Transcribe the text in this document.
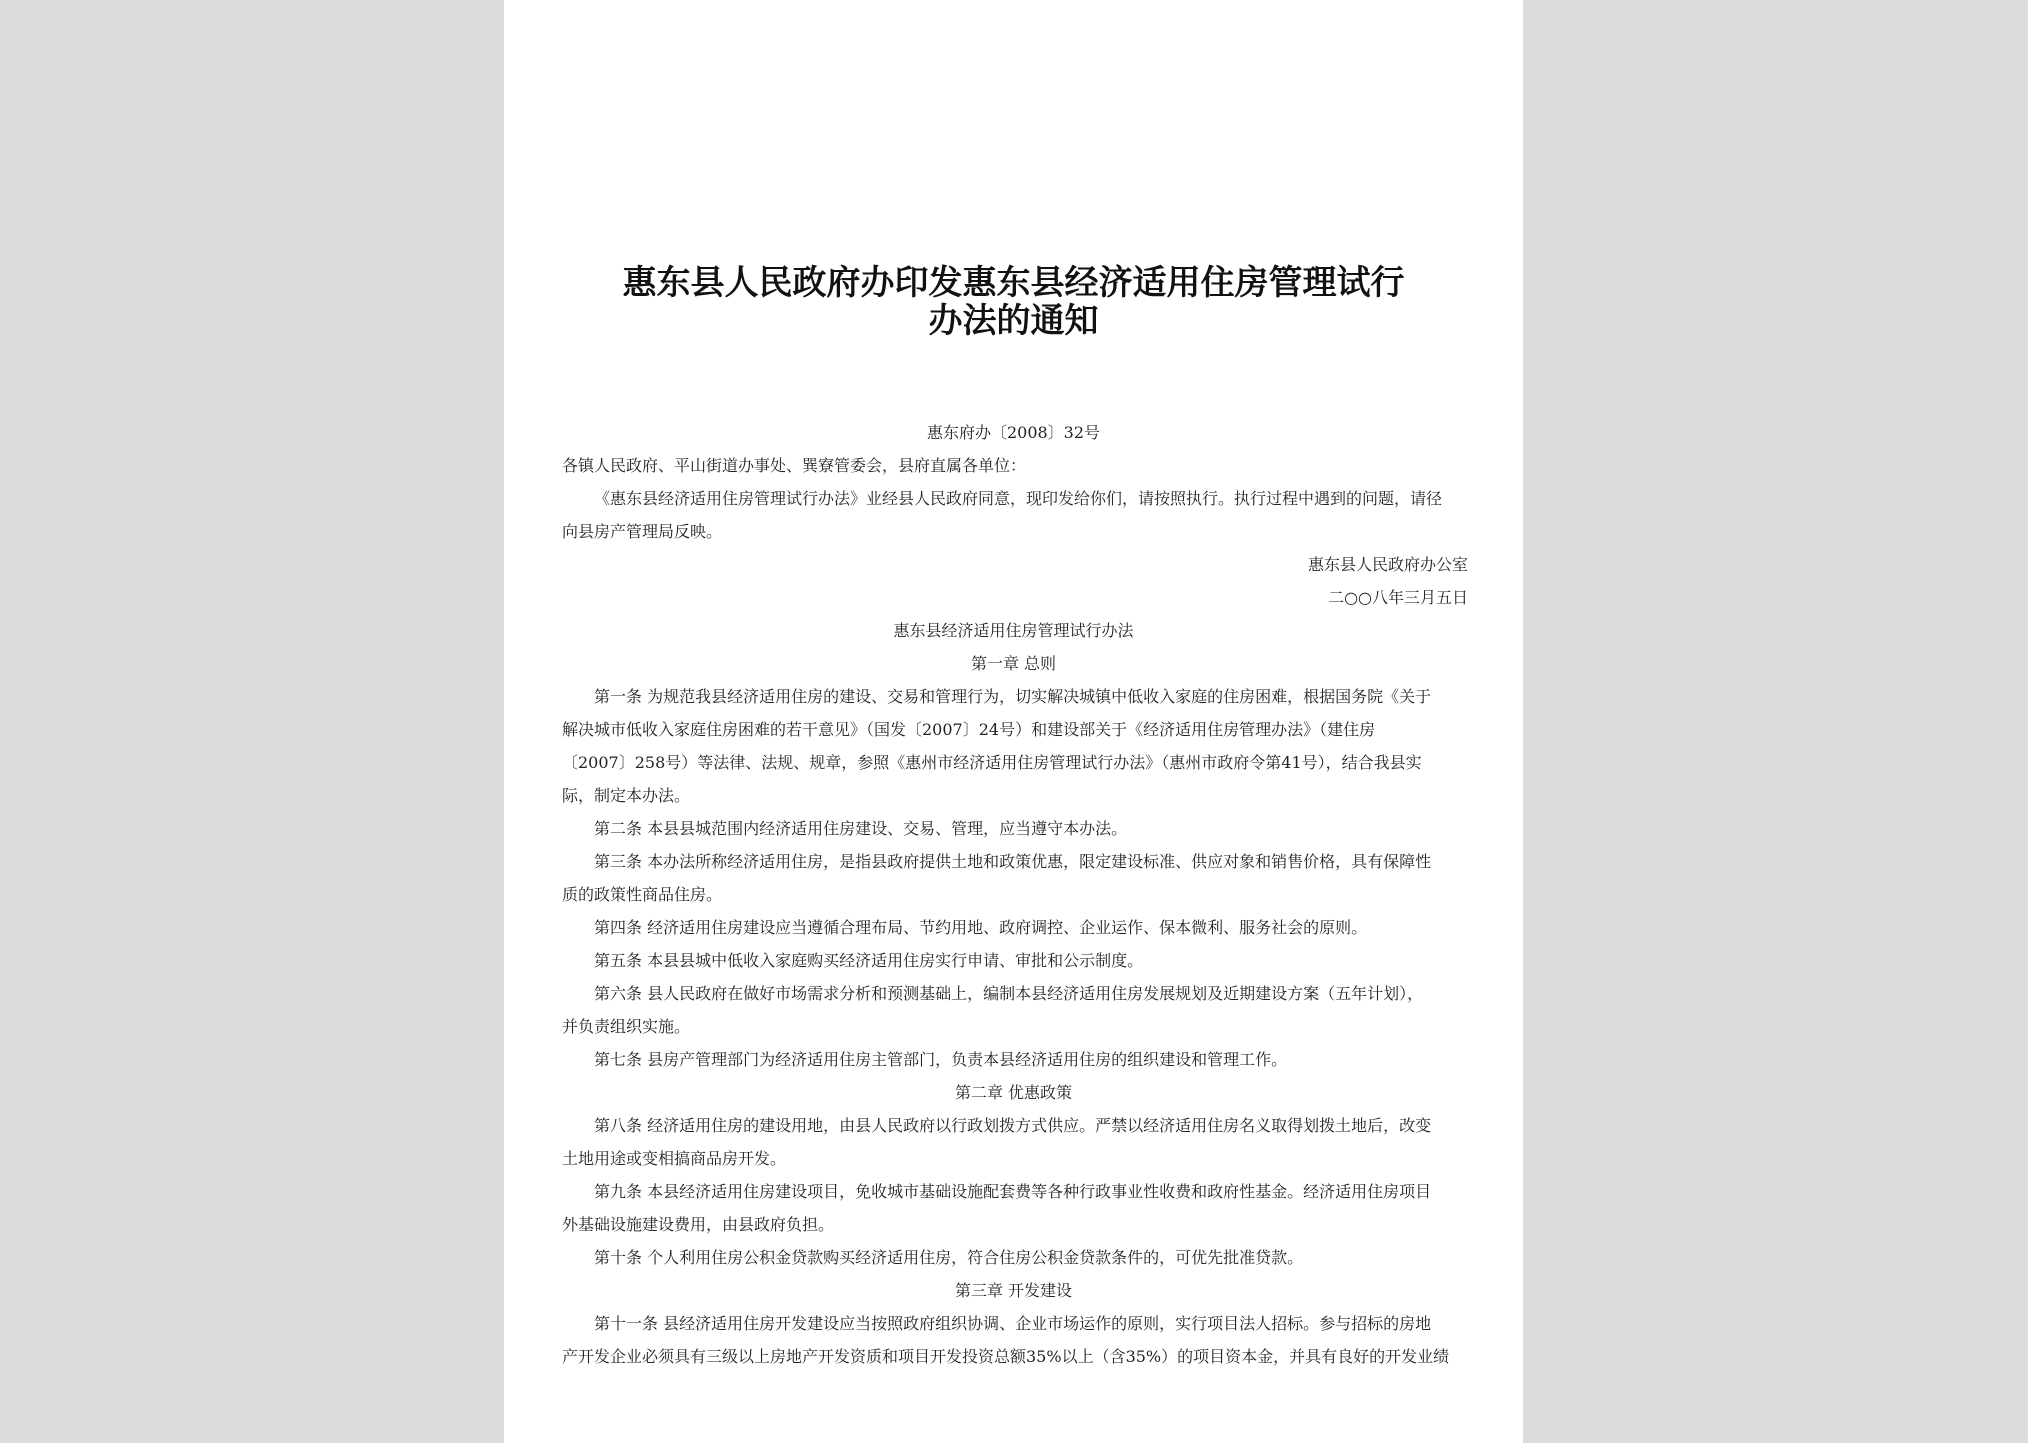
惠东县人民政府办印发惠东县经济适用住房管理试行
办法的通知
惠东府办〔2008〕32号
各镇人民政府、平山街道办事处、巽寮管委会，县府直属各单位：
《惠东县经济适用住房管理试行办法》业经县人民政府同意，现印发给你们，请按照执行。执行过程中遇到的问题，请径
向县房产管理局反映。
惠东县人民政府办公室
二○○八年三月五日
惠东县经济适用住房管理试行办法
第一章 总则
第一条 为规范我县经济适用住房的建设、交易和管理行为，切实解决城镇中低收入家庭的住房困难，根据国务院《关于
解决城市低收入家庭住房困难的若干意见》（国发〔2007〕24号）和建设部关于《经济适用住房管理办法》（建住房
〔2007〕258号）等法律、法规、规章，参照《惠州市经济适用住房管理试行办法》（惠州市政府令第41号），结合我县实
际，制定本办法。
第二条 本县县城范围内经济适用住房建设、交易、管理，应当遵守本办法。
第三条 本办法所称经济适用住房，是指县政府提供土地和政策优惠，限定建设标准、供应对象和销售价格，具有保障性
质的政策性商品住房。
第四条 经济适用住房建设应当遵循合理布局、节约用地、政府调控、企业运作、保本微利、服务社会的原则。
第五条 本县县城中低收入家庭购买经济适用住房实行申请、审批和公示制度。
第六条 县人民政府在做好市场需求分析和预测基础上，编制本县经济适用住房发展规划及近期建设方案（五年计划），
并负责组织实施。
第七条 县房产管理部门为经济适用住房主管部门，负责本县经济适用住房的组织建设和管理工作。
第二章 优惠政策
第八条 经济适用住房的建设用地，由县人民政府以行政划拨方式供应。严禁以经济适用住房名义取得划拨土地后，改变
土地用途或变相搞商品房开发。
第九条 本县经济适用住房建设项目，免收城市基础设施配套费等各种行政事业性收费和政府性基金。经济适用住房项目
外基础设施建设费用，由县政府负担。
第十条 个人利用住房公积金贷款购买经济适用住房，符合住房公积金贷款条件的，可优先批准贷款。
第三章 开发建设
第十一条 县经济适用住房开发建设应当按照政府组织协调、企业市场运作的原则，实行项目法人招标。参与招标的房地
产开发企业必须具有三级以上房地产开发资质和项目开发投资总额35%以上（含35%）的项目资本金，并具有良好的开发业绩
